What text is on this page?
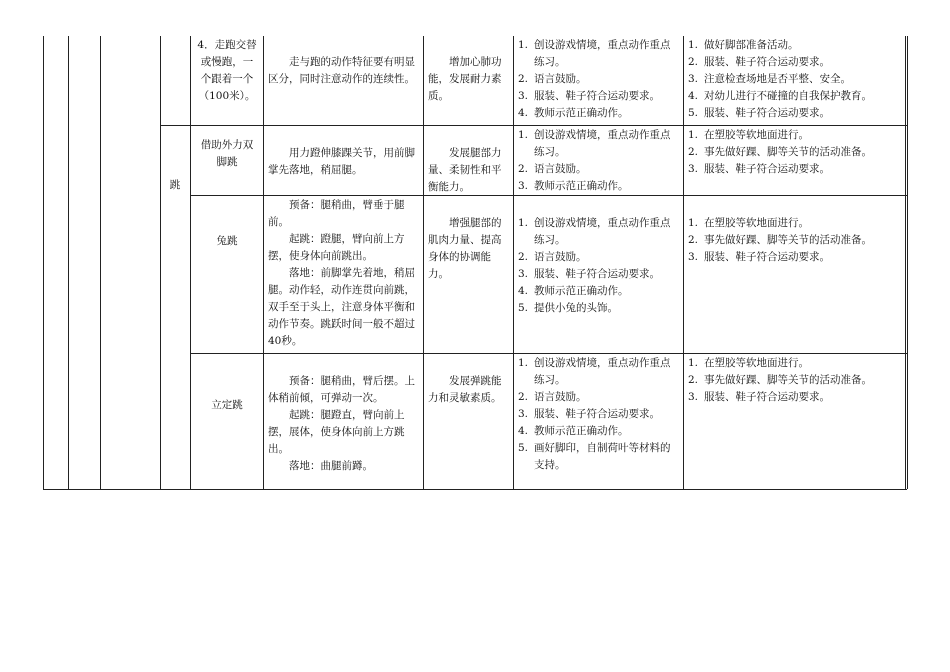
跳
4．走跑交替或慢跑，一个跟着一个（100米）。
走与跑的动作特征要有明显区分，同时注意动作的连续性。
增加心肺功能，发展耐力素质。
1. 创设游戏情境，重点动作重点练习。
2. 语言鼓励。
3. 服装、鞋子符合运动要求。
4. 教师示范正确动作。
1. 做好脚部准备活动。
2. 服装、鞋子符合运动要求。
3. 注意检查场地是否平整、安全。
4. 对幼儿进行不碰撞的自我保护教育。
5. 服装、鞋子符合运动要求。
借助外力双脚跳
用力蹬伸膝踝关节，用前脚掌先落地，稍屈腿。
发展腿部力量、柔韧性和平衡能力。
1. 创设游戏情境，重点动作重点练习。
2. 语言鼓励。
3. 教师示范正确动作。
1. 在塑胶等软地面进行。
2. 事先做好踝、脚等关节的活动准备。
3. 服装、鞋子符合运动要求。
兔跳
预备：腿稍曲，臂垂于腿前。
起跳：蹬腿，臂向前上方摆，使身体向前跳出。
落地：前脚掌先着地，稍屈腿。动作轻，动作连贯向前跳，双手至于头上，注意身体平衡和动作节奏。跳跃时间一般不超过40秒。
增强腿部的肌肉力量、提高身体的协调能力。
1. 创设游戏情境，重点动作重点练习。
2. 语言鼓励。
3. 服装、鞋子符合运动要求。
4. 教师示范正确动作。
5. 提供小兔的头饰。
1. 在塑胶等软地面进行。
2. 事先做好踝、脚等关节的活动准备。
3. 服装、鞋子符合运动要求。
立定跳
预备：腿稍曲，臂后摆。上体稍前倾，可弹动一次。
起跳：腿蹬直，臂向前上摆，展体，使身体向前上方跳出。
落地：曲腿前蹲。
发展弹跳能力和灵敏素质。
1. 创设游戏情境，重点动作重点练习。
2. 语言鼓励。
3. 服装、鞋子符合运动要求。
4. 教师示范正确动作。
5. 画好脚印，自制荷叶等材料的支持。
1. 在塑胶等软地面进行。
2. 事先做好踝、脚等关节的活动准备。
3. 服装、鞋子符合运动要求。
